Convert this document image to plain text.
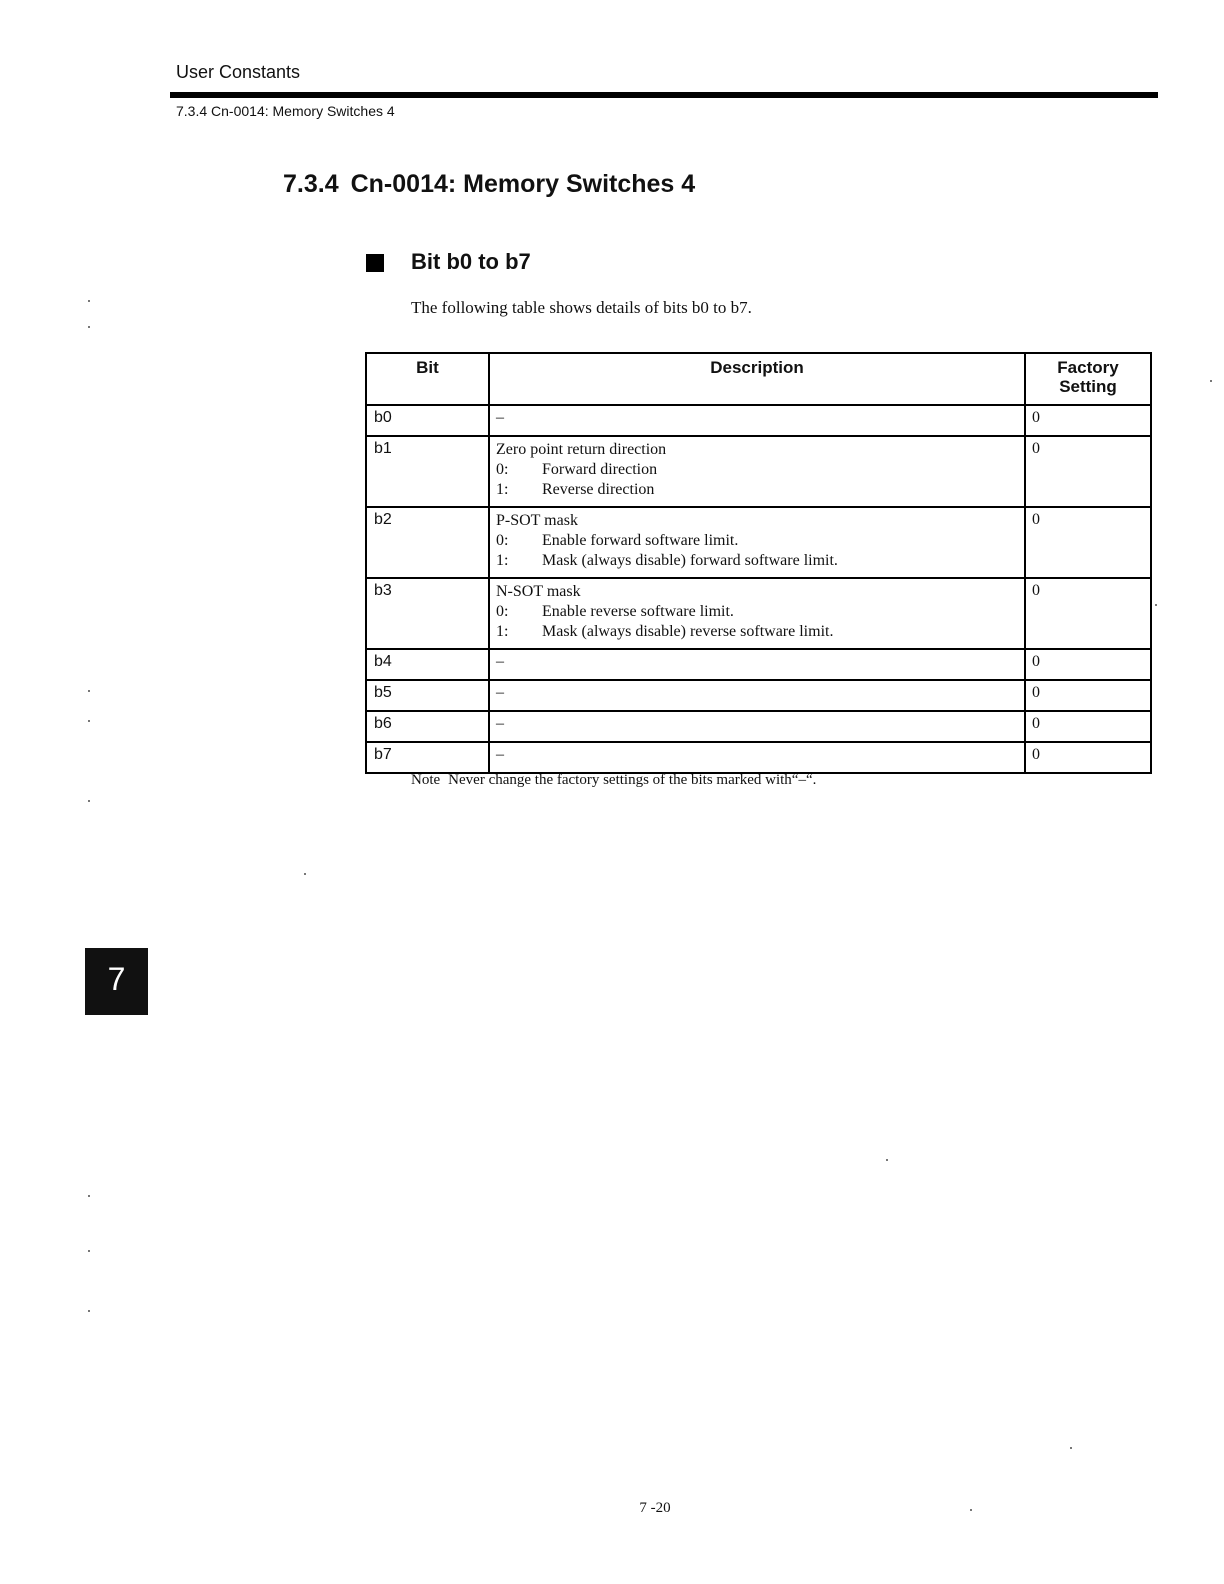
User Constants
7.3.4 Cn-0014: Memory Switches 4
7.3.4 Cn-0014: Memory Switches 4
Bit b0 to b7
The following table shows details of bits b0 to b7.
Bit	Description	Factory
Setting
b0	–	0
b1	Zero point return direction
0: Forward direction
1: Reverse direction	0
b2	P-SOT mask
0: Enable forward software limit.
1: Mask (always disable) forward software limit.	0
b3	N-SOT mask
0: Enable reverse software limit.
1: Mask (always disable) reverse software limit.	0
b4	–	0
b5	–	0
b6	–	0
b7	–	0
Note Never change the factory settings of the bits marked with“–“.
7
7 -20
